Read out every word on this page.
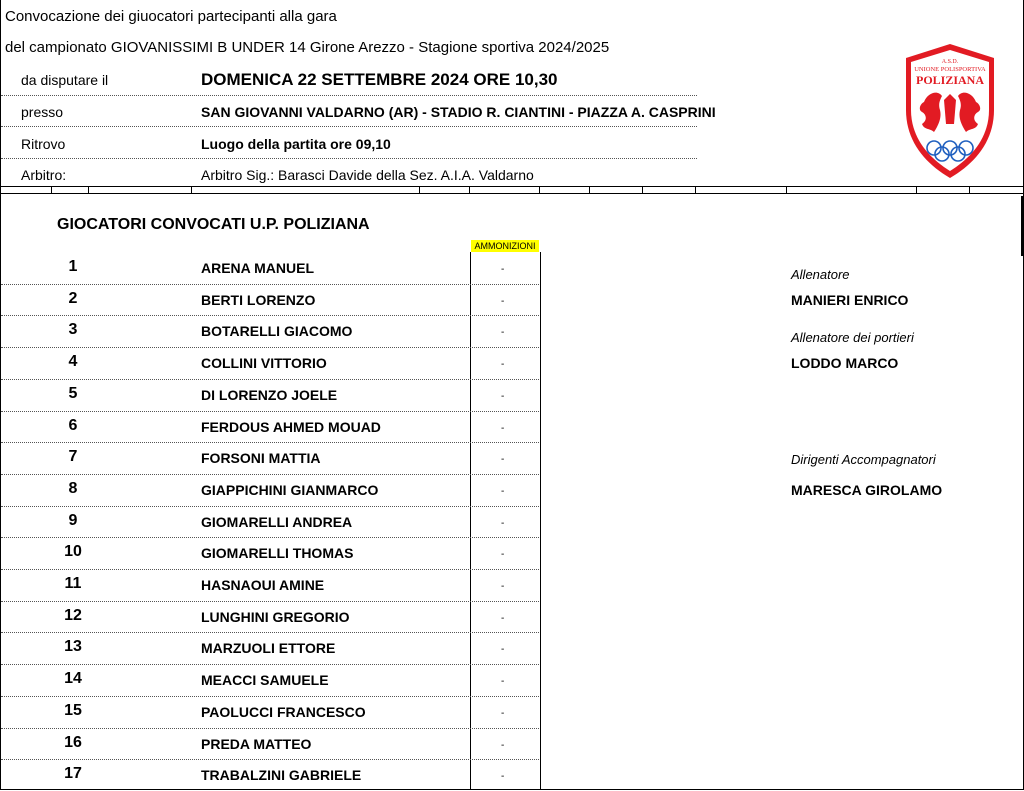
Convocazione dei giuocatori partecipanti alla gara
del campionato GIOVANISSIMI B UNDER 14 Girone Arezzo - Stagione sportiva 2024/2025
da disputare il	DOMENICA 22 SETTEMBRE 2024 ORE 10,30
presso	SAN GIOVANNI VALDARNO (AR) - STADIO R. CIANTINI - PIAZZA A. CASPRINI
Ritrovo	Luogo della partita ore 09,10
Arbitro:	Arbitro Sig.: Barasci Davide della Sez. A.I.A. Valdarno
A.S.D.
UNIONE POLISPORTIVA
POLIZIANA
GIOCATORI CONVOCATI U.P. POLIZIANA
AMMONIZIONI
1	ARENA MANUEL	-
2	BERTI LORENZO	-
3	BOTARELLI GIACOMO	-
4	COLLINI VITTORIO	-
5	DI LORENZO JOELE	-
6	FERDOUS AHMED MOUAD	-
7	FORSONI MATTIA	-
8	GIAPPICHINI GIANMARCO	-
9	GIOMARELLI ANDREA	-
10	GIOMARELLI THOMAS	-
11	HASNAOUI AMINE	-
12	LUNGHINI GREGORIO	-
13	MARZUOLI ETTORE	-
14	MEACCI SAMUELE	-
15	PAOLUCCI FRANCESCO	-
16	PREDA MATTEO	-
17	TRABALZINI GABRIELE	-
Allenatore
MANIERI ENRICO
Allenatore dei portieri
LODDO MARCO
Dirigenti Accompagnatori
MARESCA GIROLAMO
